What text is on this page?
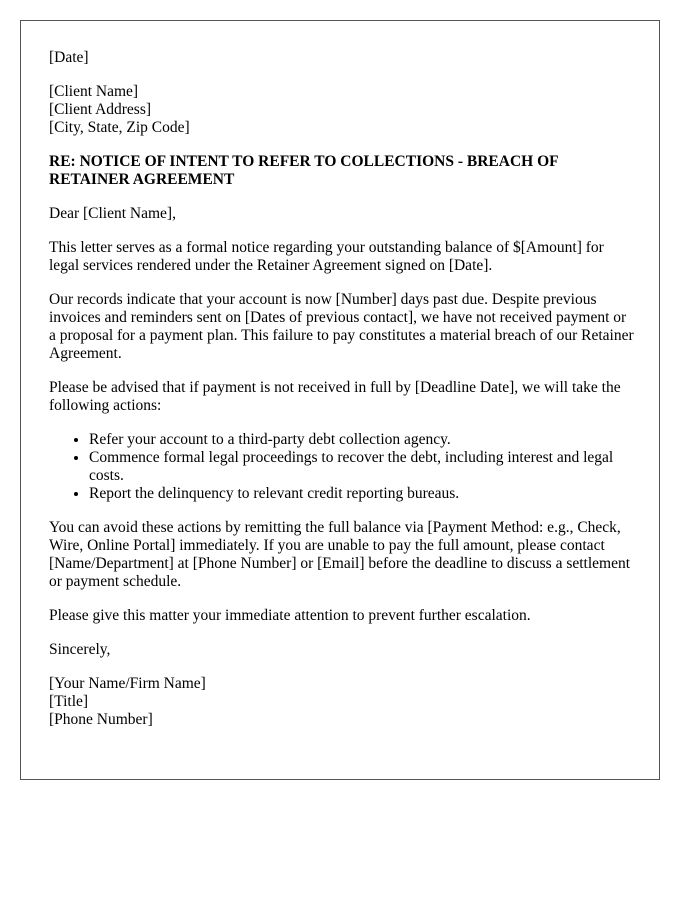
[Date]

[Client Name]
[Client Address]
[City, State, Zip Code]

RE: NOTICE OF INTENT TO REFER TO COLLECTIONS - BREACH OF RETAINER AGREEMENT

Dear [Client Name],

This letter serves as a formal notice regarding your outstanding balance of $[Amount] for legal services rendered under the Retainer Agreement signed on [Date].

Our records indicate that your account is now [Number] days past due. Despite previous invoices and reminders sent on [Dates of previous contact], we have not received payment or a proposal for a payment plan. This failure to pay constitutes a material breach of our Retainer Agreement.

Please be advised that if payment is not received in full by [Deadline Date], we will take the following actions:

• Refer your account to a third-party debt collection agency.
• Commence formal legal proceedings to recover the debt, including interest and legal costs.
• Report the delinquency to relevant credit reporting bureaus.

You can avoid these actions by remitting the full balance via [Payment Method: e.g., Check, Wire, Online Portal] immediately. If you are unable to pay the full amount, please contact [Name/Department] at [Phone Number] or [Email] before the deadline to discuss a settlement or payment schedule.

Please give this matter your immediate attention to prevent further escalation.

Sincerely,

[Your Name/Firm Name]
[Title]
[Phone Number]
